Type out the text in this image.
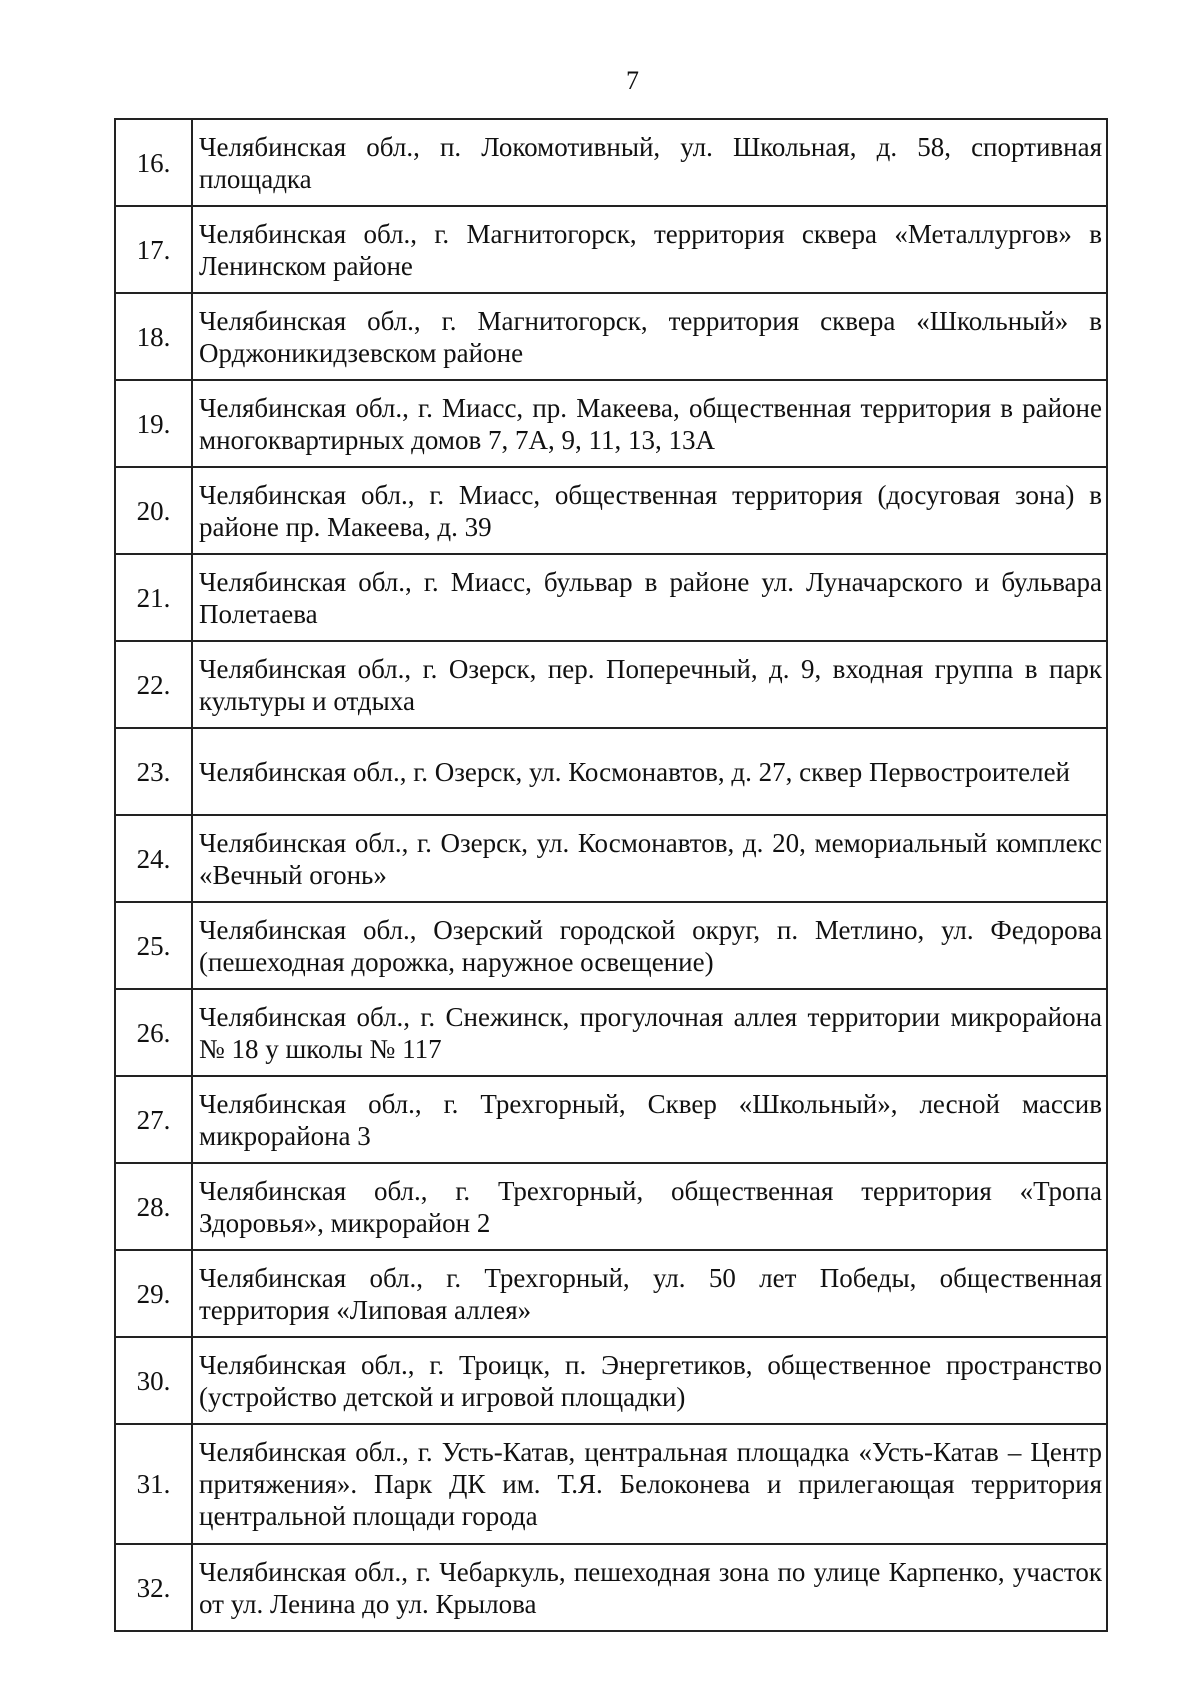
7
16.	Челябинская обл., п. Локомотивный, ул. Школьная, д. 58, спортивная площадка
17.	Челябинская обл., г. Магнитогорск, территория сквера «Металлургов» в Ленинском районе
18.	Челябинская обл., г. Магнитогорск, территория сквера «Школьный» в Орджоникидзевском районе
19.	Челябинская обл., г. Миасс, пр. Макеева, общественная территория в районе многоквартирных домов 7, 7А, 9, 11, 13, 13А
20.	Челябинская обл., г. Миасс, общественная территория (досуговая зона) в районе пр. Макеева, д. 39
21.	Челябинская обл., г. Миасс, бульвар в районе ул. Луначарского и бульвара Полетаева
22.	Челябинская обл., г. Озерск, пер. Поперечный, д. 9, входная группа в парк культуры и отдыха
23.	Челябинская обл., г. Озерск, ул. Космонавтов, д. 27, сквер Первостроителей
24.	Челябинская обл., г. Озерск, ул. Космонавтов, д. 20, мемориальный комплекс «Вечный огонь»
25.	Челябинская обл., Озерский городской округ, п. Метлино, ул. Федорова (пешеходная дорожка, наружное освещение)
26.	Челябинская обл., г. Снежинск, прогулочная аллея территории микрорайона № 18 у школы № 117
27.	Челябинская обл., г. Трехгорный, Сквер «Школьный», лесной массив микрорайона 3
28.	Челябинская обл., г. Трехгорный, общественная территория «Тропа Здоровья», микрорайон 2
29.	Челябинская обл., г. Трехгорный, ул. 50 лет Победы, общественная территория «Липовая аллея»
30.	Челябинская обл., г. Троицк, п. Энергетиков, общественное пространство (устройство детской и игровой площадки)
31.	Челябинская обл., г. Усть-Катав, центральная площадка «Усть-Катав – Центр притяжения». Парк ДК им. Т.Я. Белоконева и прилегающая территория центральной площади города
32.	Челябинская обл., г. Чебаркуль, пешеходная зона по улице Карпенко, участок от ул. Ленина до ул. Крылова
